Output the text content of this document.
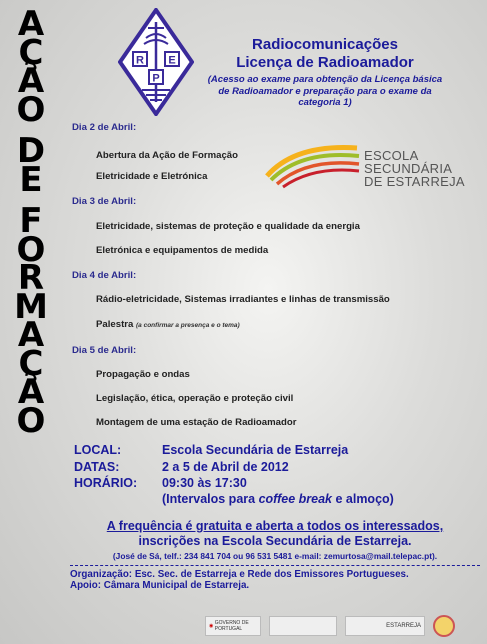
A
Ç
Ã
O
D
E
F
O
R
M
A
Ç
Ã
O
R E
P
Radiocomunicações
Licença de Radioamador
(Acesso ao exame para obtenção da Licença básica de Radioamador e preparação para o exame da categoria 1)
ESCOLA
SECUNDÁRIA
DE ESTARREJA
Dia 2 de Abril:
Abertura da Ação de Formação
Eletricidade e Eletrónica
Dia 3 de Abril:
Eletricidade, sistemas de proteção e qualidade da energia
Eletrónica e equipamentos de medida
Dia 4 de Abril:
Rádio-eletricidade, Sistemas irradiantes e linhas de transmissão
Palestra (a confirmar a presença e o tema)
Dia 5 de Abril:
Propagação e ondas
Legislação, ética, operação e proteção civil
Montagem de uma estação de Radioamador
LOCAL:	Escola Secundária de Estarreja
DATAS:	2 a 5 de Abril de 2012
HORÁRIO: 09:30 às 17:30
(Intervalos para coffee break e almoço)
A frequência é gratuita e aberta a todos os interessados,
inscrições na Escola Secundária de Estarreja.
(José de Sá, telf.: 234 841 704 ou 96 531 5481 e-mail: zemurtosa@mail.telepac.pt).
Organização: Esc. Sec. de Estarreja e Rede dos Emissores Portugueses.
Apoio: Câmara Municipal de Estarreja.
◉
GOVERNO DE PORTUGAL	ESTARREJA
